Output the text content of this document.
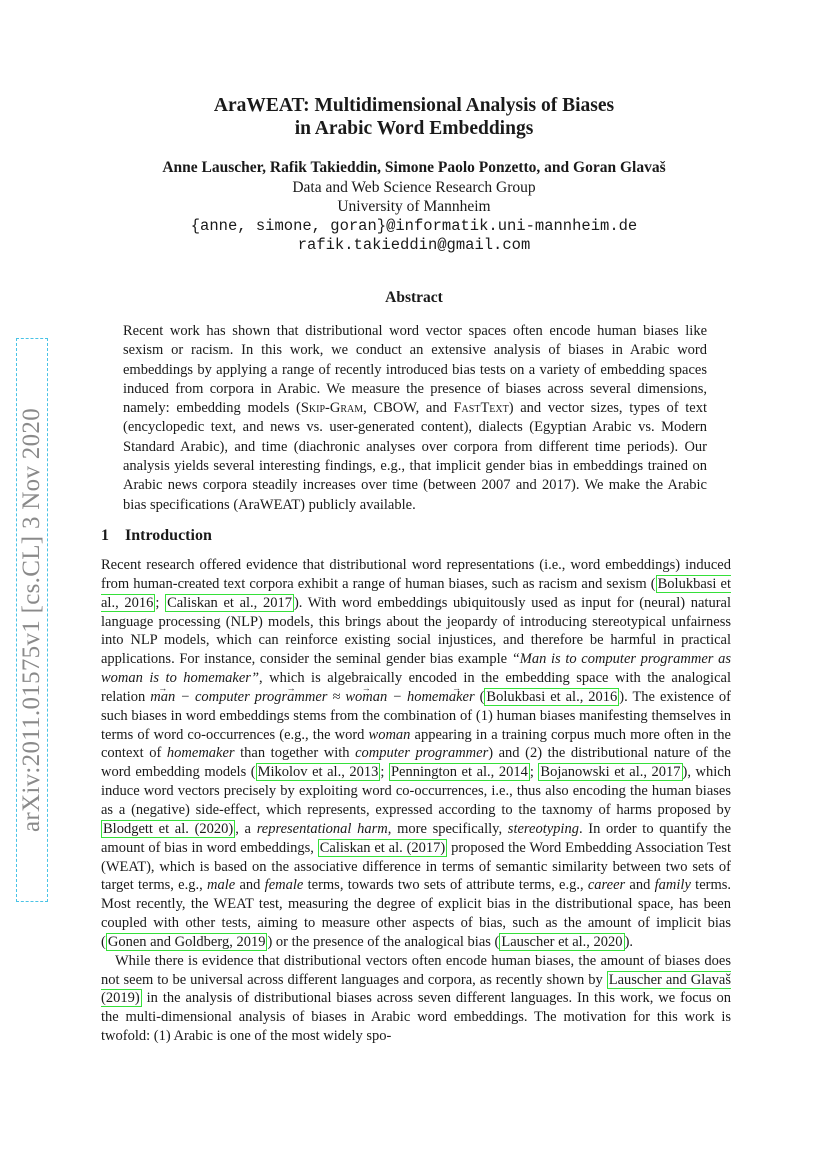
arXiv:2011.01575v1 [cs.CL] 3 Nov 2020
AraWEAT: Multidimensional Analysis of Biases
in Arabic Word Embeddings
Anne Lauscher, Rafik Takieddin, Simone Paolo Ponzetto, and Goran Glavaš
Data and Web Science Research Group
University of Mannheim
{anne, simone, goran}@informatik.uni-mannheim.de
rafik.takieddin@gmail.com
Abstract

Recent work has shown that distributional word vector spaces often encode human biases like sexism or racism. In this work, we conduct an extensive analysis of biases in Arabic word embeddings by applying a range of recently introduced bias tests on a variety of embedding spaces induced from corpora in Arabic. We measure the presence of biases across several dimensions, namely: embedding models (Skip-Gram, CBOW, and FastText) and vector sizes, types of text (encyclopedic text, and news vs. user-generated content), dialects (Egyptian Arabic vs. Modern Standard Arabic), and time (diachronic analyses over corpora from different time periods). Our analysis yields several interesting findings, e.g., that implicit gender bias in embeddings trained on Arabic news corpora steadily increases over time (between 2007 and 2017). We make the Arabic bias specifications (AraWEAT) publicly available.

1 Introduction

Recent research offered evidence that distributional word representations (i.e., word embeddings) induced from human-created text corpora exhibit a range of human biases, such as racism and sexism ( Bolukbasi et al., 2016 ; Caliskan et al., 2017 ). With word embeddings ubiquitously used as input for (neural) natural language processing (NLP) models, this brings about the jeopardy of introducing stereotypical unfairness into NLP models, which can reinforce existing social injustices, and therefore be harmful in practical applications. For instance, consider the seminal gender bias example “Man is to computer programmer as woman is to homemaker”, which is algebraically encoded in the embedding space with the analogical relation man → − computer programmer → ≈ woman → − homemaker → ( Bolukbasi et al., 2016 ). The existence of such biases in word embeddings stems from the combination of (1) human biases manifesting themselves in terms of word co-occurrences (e.g., the word woman appearing in a training corpus much more often in the context of homemaker than together with computer programmer) and (2) the distributional nature of the word embedding models ( Mikolov et al., 2013 ; Pennington et al., 2014 ; Bojanowski et al., 2017 ), which induce word vectors precisely by exploiting word co-occurrences, i.e., thus also encoding the human biases as a (negative) side-effect, which represents, expressed according to the taxnomy of harms proposed by Blodgett et al. (2020) , a representational harm, more specifically, stereotyping. In order to quantify the amount of bias in word embeddings, Caliskan et al. (2017) proposed the Word Embedding Association Test (WEAT), which is based on the associative difference in terms of semantic similarity between two sets of target terms, e.g., male and female terms, towards two sets of attribute terms, e.g., career and family terms. Most recently, the WEAT test, measuring the degree of explicit bias in the distributional space, has been coupled with other tests, aiming to measure other aspects of bias, such as the amount of implicit bias ( Gonen and Goldberg, 2019 ) or the presence of the analogical bias ( Lauscher et al., 2020 ).

While there is evidence that distributional vectors often encode human biases, the amount of biases does not seem to be universal across different languages and corpora, as recently shown by Lauscher and Glavaš (2019) in the analysis of distributional biases across seven different languages. In this work, we focus on the multi-dimensional analysis of biases in Arabic word embeddings. The motivation for this work is twofold: (1) Arabic is one of the most widely spo-
